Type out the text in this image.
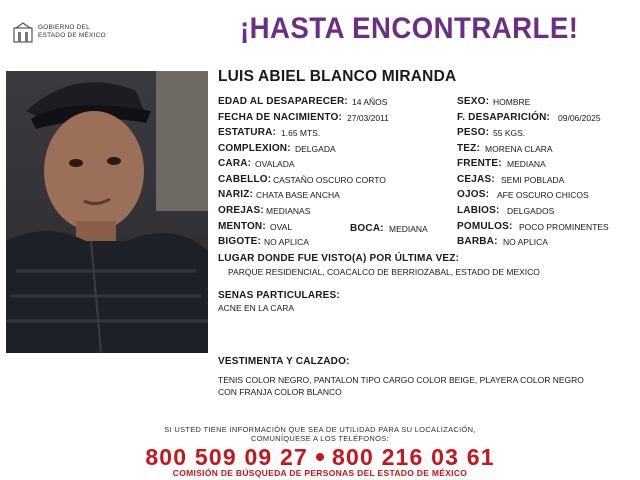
GOBIERNO DEL
ESTADO DE MÉXICO	¡HASTA ENCONTRARLE!
LUIS ABIEL BLANCO MIRANDA
EDAD AL DESAPARECER: 14 AÑOS
FECHA DE NACIMIENTO: 27/03/2011
ESTATURA: 1.65 MTS.
COMPLEXION: DELGADA
CARA: OVALADA
CABELLO: CASTAÑO OSCURO CORTO
NARIZ: CHATA BASE ANCHA
OREJAS: MEDIANAS
MENTON: OVAL	BOCA: MEDIANA
BIGOTE: NO APLICA
SEXO: HOMBRE
F. DESAPARICIÓN: 09/06/2025
PESO: 55 KGS.
TEZ: MORENA CLARA
FRENTE: MEDIANA
CEJAS: SEMI POBLADA
OJOS: AFE OSCURO CHICOS
LABIOS: DELGADOS
POMULOS: POCO PROMINENTES
BARBA: NO APLICA
LUGAR DONDE FUE VISTO(A) POR ÚLTIMA VEZ:
PARQUE RESIDENCIAL, COACALCO DE BERRIOZABAL, ESTADO DE MEXICO
SENAS PARTICULARES:
ACNE EN LA CARA
VESTIMENTA Y CALZADO:
TENIS COLOR NEGRO, PANTALON TIPO CARGO COLOR BEIGE, PLAYERA COLOR NEGRO
CON FRANJA COLOR BLANCO
SI USTED TIENE INFORMACIÓN QUE SEA DE UTILIDAD PARA SU LOCALIZACIÓN,
COMUNÍQUESE A LOS TELÉFONOS:
800 509 09 27 800 216 03 61
COMISIÓN DE BÚSQUEDA DE PERSONAS DEL ESTADO DE MÉXICO
